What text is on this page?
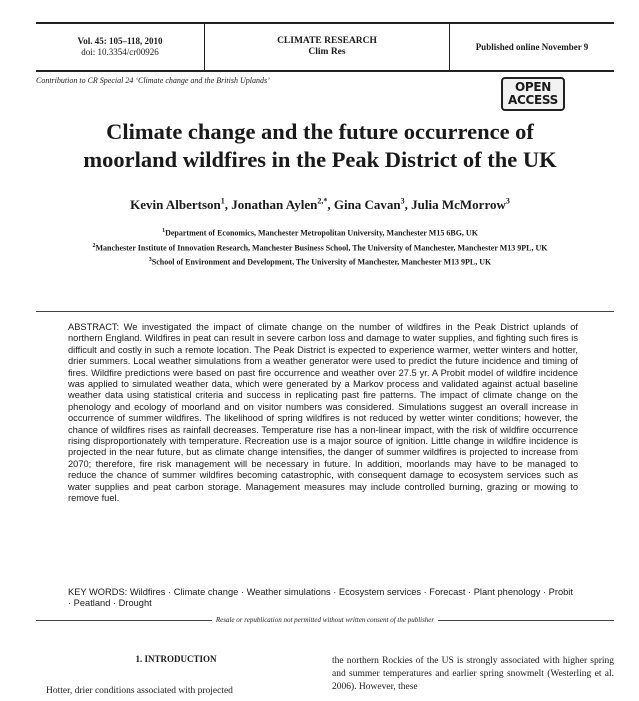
Vol. 45: 105–118, 2010
doi: 10.3354/cr00926
CLIMATE RESEARCH
Clim Res
Published online November 9
Contribution to CR Special 24 ‘Climate change and the British Uplands’	OPEN
ACCESS
Climate change and the future occurrence of
moorland wildfires in the Peak District of the UK
Kevin Albertson$^1$, Jonathan Aylen$^{2,*}$, Gina Cavan$^3$, Julia McMorrow$^3$

$^1$Department of Economics, Manchester Metropolitan University, Manchester M15 6BG, UK

$^2$Manchester Institute of Innovation Research, Manchester Business School, The University of Manchester, Manchester M13 9PL, UK

$^3$School of Environment and Development, The University of Manchester, Manchester M13 9PL, UK

ABSTRACT: We investigated the impact of climate change on the number of wildfires in the Peak District uplands of northern England. Wildfires in peat can result in severe carbon loss and damage to water supplies, and fighting such fires is difficult and costly in such a remote location. The Peak District is expected to experience warmer, wetter winters and hotter, drier summers. Local weather simulations from a weather generator were used to predict the future incidence and timing of fires. Wildfire predictions were based on past fire occurrence and weather over 27.5 yr. A Probit model of wildfire incidence was applied to simulated weather data, which were generated by a Markov process and validated against actual baseline weather data using statistical criteria and success in replicating past fire patterns. The impact of climate change on the phenology and ecology of moorland and on visitor numbers was considered. Simulations suggest an overall increase in occurrence of summer wildfires. The likelihood of spring wildfires is not reduced by wetter winter conditions; however, the chance of wildfires rises as rainfall decreases. Temperature rise has a non-linear impact, with the risk of wildfire occurrence rising disproportionately with temperature. Recreation use is a major source of ignition. Little change in wildfire incidence is projected in the near future, but as climate change intensifies, the danger of summer wildfires is projected to increase from 2070; therefore, fire risk management will be necessary in future. In addition, moorlands may have to be managed to reduce the chance of summer wildfires becoming catastrophic, with consequent damage to ecosystem services such as water supplies and peat carbon storage. Management measures may include controlled burning, grazing or mowing to remove fuel.

KEY WORDS: Wildfires · Climate change · Weather simulations · Ecosystem services · Forecast · Plant phenology · Probit · Peatland · Drought
Resale or republication not permitted without written consent of the publisher
1. INTRODUCTION

Hotter, drier conditions associated with projected

the northern Rockies of the US is strongly associated with higher spring and summer temperatures and earlier spring snowmelt (Westerling et al. 2006). However, these
